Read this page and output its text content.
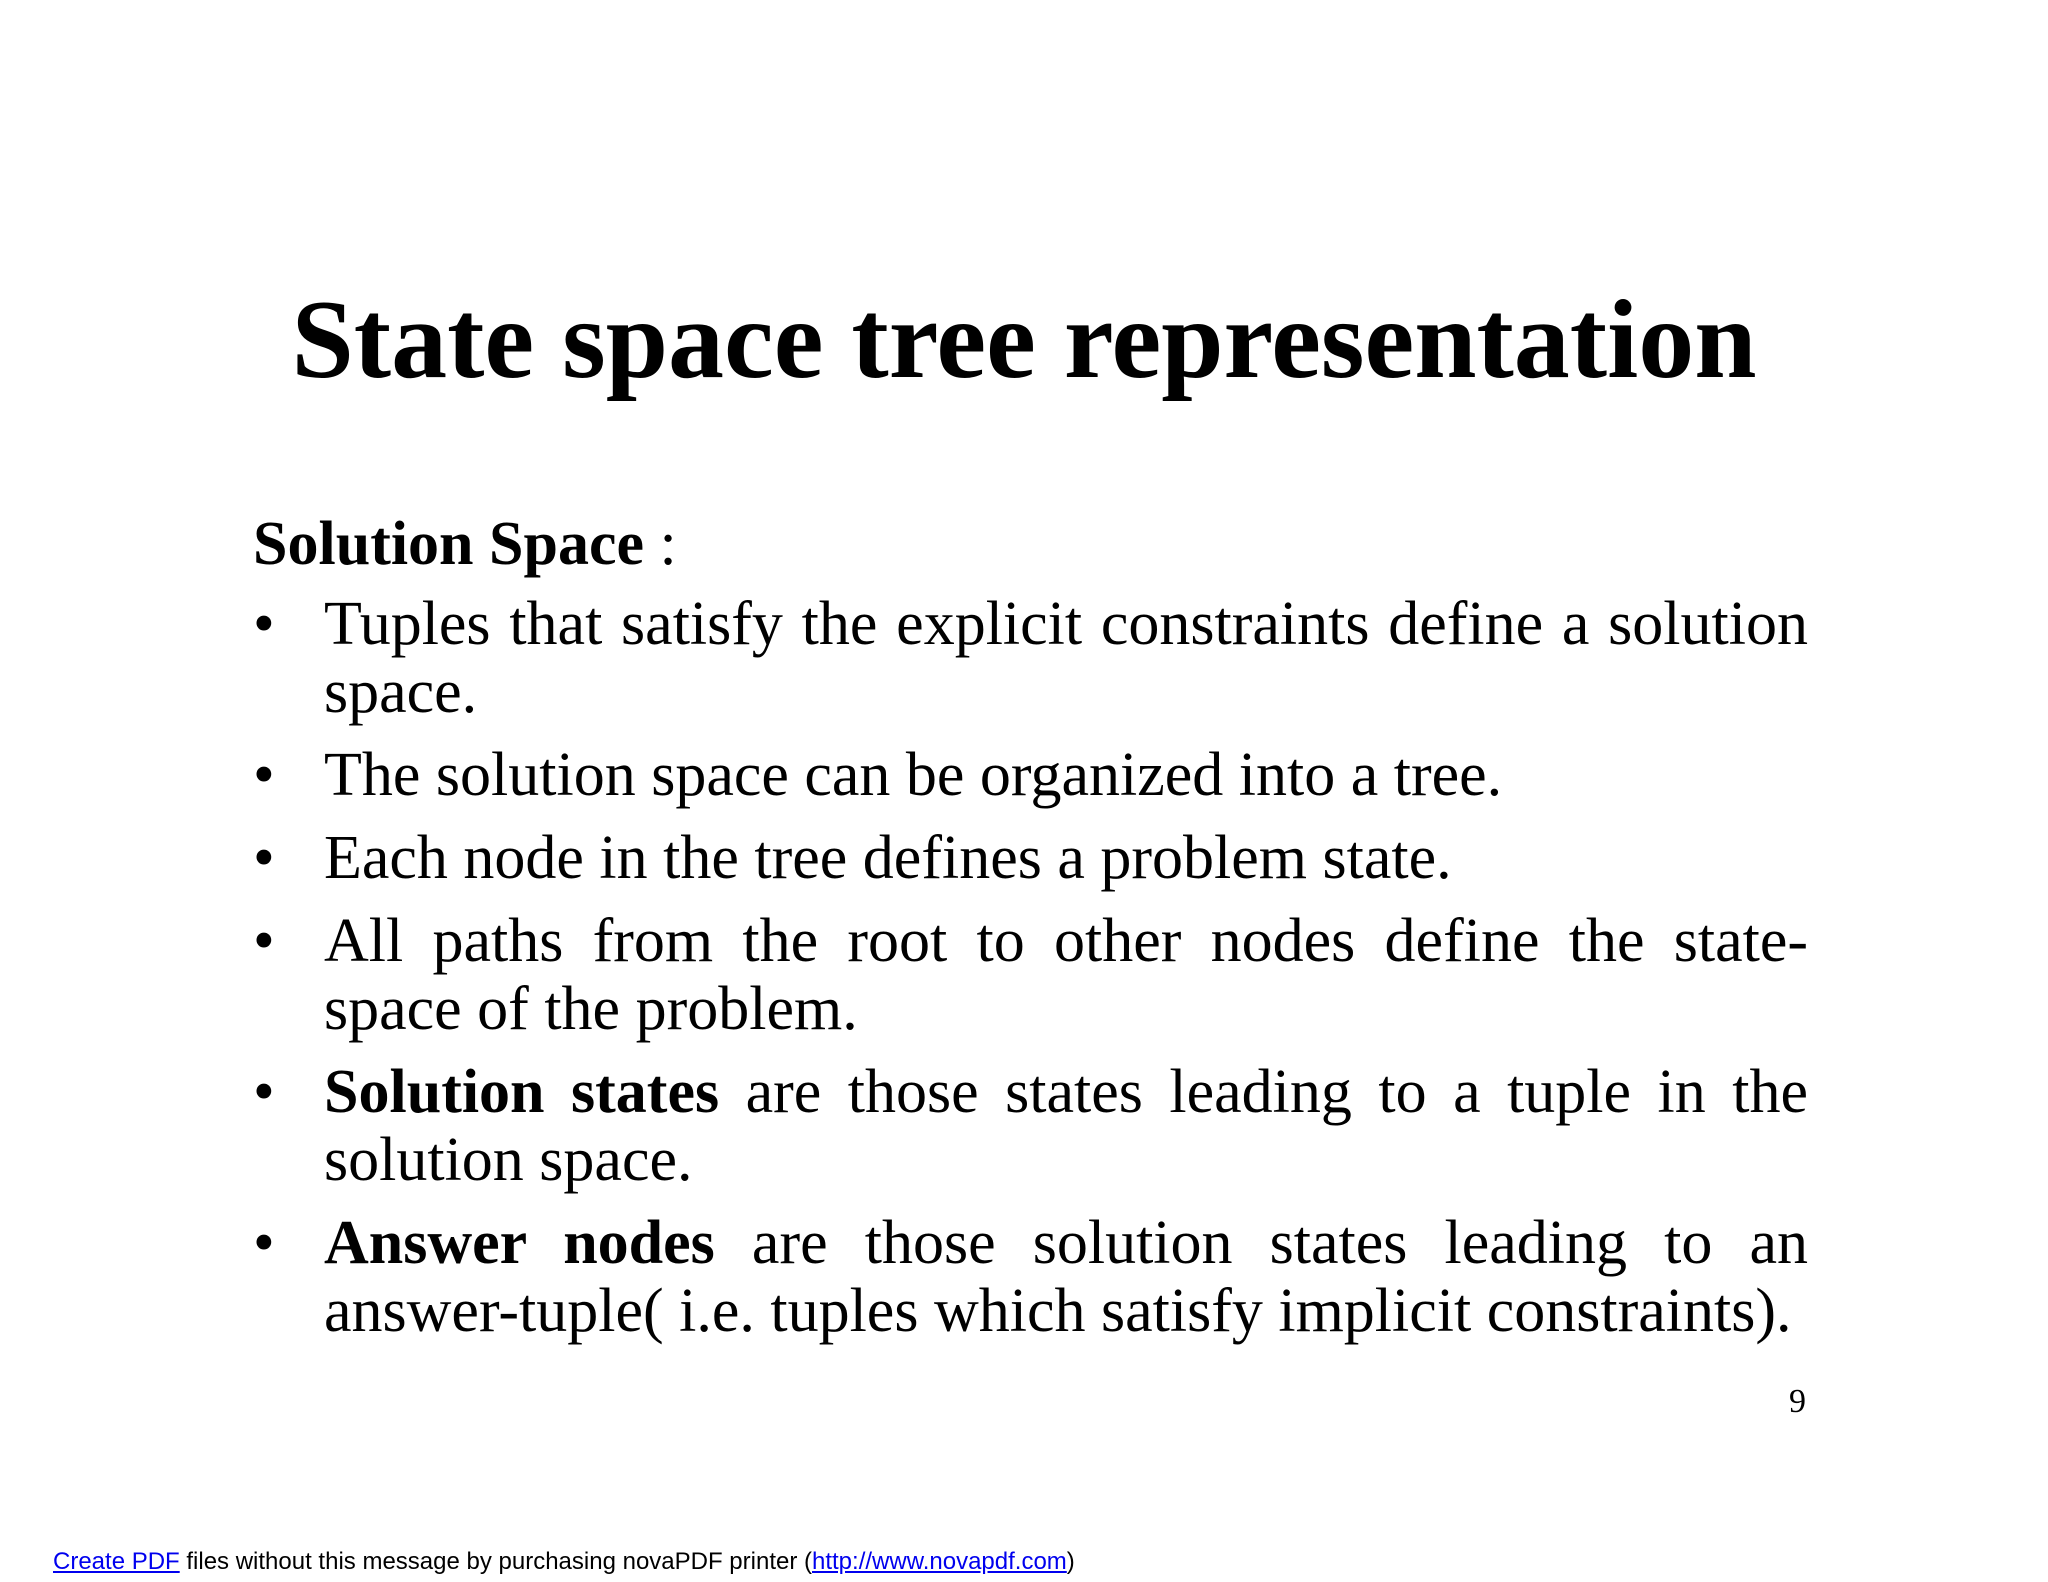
State space tree representation
Solution Space :
• Tuples that satisfy the explicit constraints define a solution space.
• The solution space can be organized into a tree.
• Each node in the tree defines a problem state.
• All paths from the root to other nodes define the state-space of the problem.
• Solution states are those states leading to a tuple in the solution space.
• Answer nodes are those solution states leading to an answer-tuple( i.e. tuples which satisfy implicit constraints).
9
Create PDF files without this message by purchasing novaPDF printer (http://www.novapdf.com)
